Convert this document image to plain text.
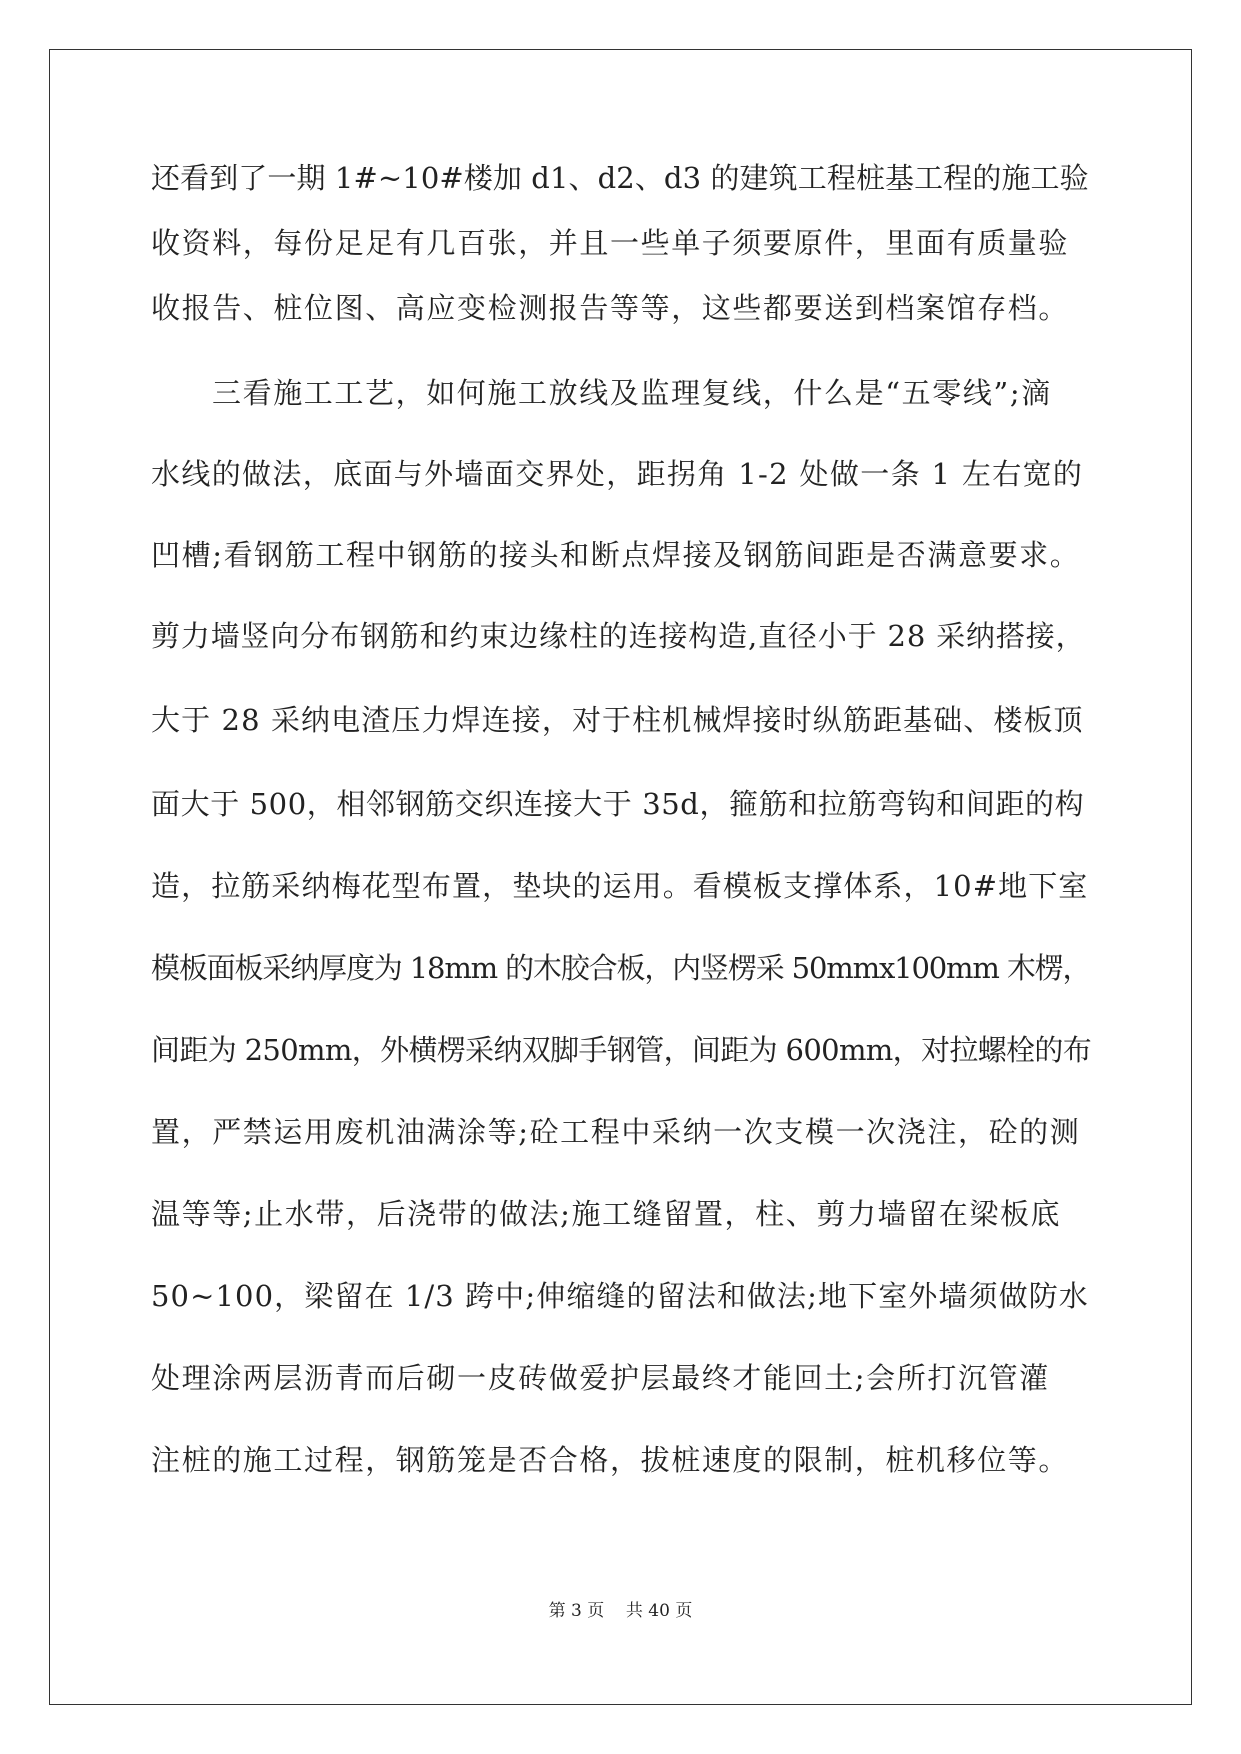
还看到了一期 1#~10#楼加 d1、d2、d3 的建筑工程桩基工程的施工验
收资料，每份足足有几百张，并且一些单子须要原件，里面有质量验
收报告、桩位图、高应变检测报告等等，这些都要送到档案馆存档。
三看施工工艺，如何施工放线及监理复线，什么是“五零线”;滴
水线的做法，底面与外墙面交界处，距拐角 1-2 处做一条 1 左右宽的
凹槽;看钢筋工程中钢筋的接头和断点焊接及钢筋间距是否满意要求。
剪力墙竖向分布钢筋和约束边缘柱的连接构造,直径小于 28 采纳搭接，
大于 28 采纳电渣压力焊连接，对于柱机械焊接时纵筋距基础、楼板顶
面大于 500，相邻钢筋交织连接大于 35d，箍筋和拉筋弯钩和间距的构
造，拉筋采纳梅花型布置，垫块的运用。看模板支撑体系，10#地下室
模板面板采纳厚度为 18mm 的木胶合板，内竖楞采 50mmx100mm 木楞，
间距为 250mm，外横楞采纳双脚手钢管，间距为 600mm，对拉螺栓的布
置，严禁运用废机油满涂等;砼工程中采纳一次支模一次浇注，砼的测
温等等;止水带，后浇带的做法;施工缝留置，柱、剪力墙留在梁板底
50~100，梁留在 1/3 跨中;伸缩缝的留法和做法;地下室外墙须做防水
处理涂两层沥青而后砌一皮砖做爱护层最终才能回土;会所打沉管灌
注桩的施工过程，钢筋笼是否合格，拔桩速度的限制，桩机移位等。
第 3 页 共 40 页
